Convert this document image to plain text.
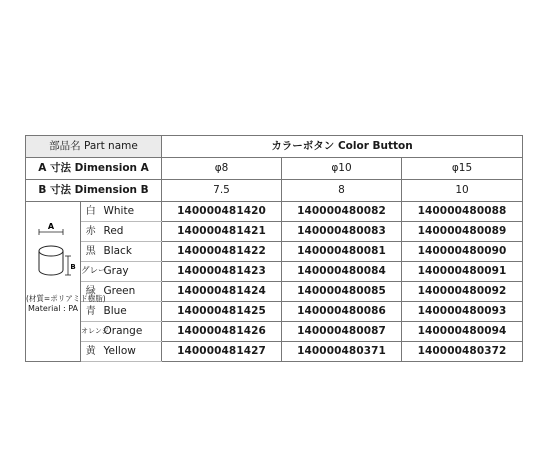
部品名 Part name			カラーボタン Color Button		
A 寸法 Dimension A			φ8	φ10	φ15
B 寸法 Dimension B			7.5	8	10

A
B
(材質=ポリアミド樹脂)
Material : PA	白	White	140000481420	140000480082	140000480088
	赤	Red	140000481421	140000480083	140000480089
	黒	Black	140000481422	140000480081	140000480090
	グレー	Gray	140000481423	140000480084	140000480091
	緑	Green	140000481424	140000480085	140000480092
	青	Blue	140000481425	140000480086	140000480093
	オレンジ	Orange	140000481426	140000480087	140000480094
	黄	Yellow	140000481427	140000480371	140000480372
